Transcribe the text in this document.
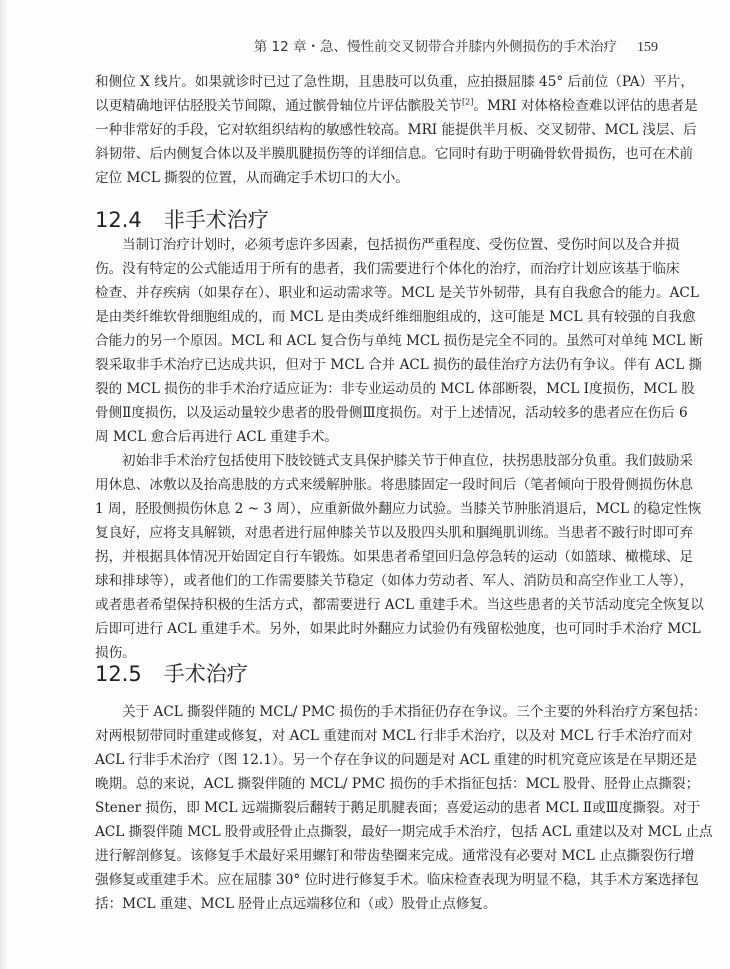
第 12 章・急、慢性前交叉韧带合并膝内外侧损伤的手术治疗 159
和侧位 X 线片。如果就诊时已过了急性期，且患肢可以负重，应拍摄屈膝 45° 后前位（PA）平片，
以更精确地评估胫股关节间隙，通过髌骨轴位片评估髌股关节[2]。MRI 对体格检查难以评估的患者是
一种非常好的手段，它对软组织结构的敏感性较高。MRI 能提供半月板、交叉韧带、MCL 浅层、后
斜韧带、后内侧复合体以及半膜肌腱损伤等的详细信息。它同时有助于明确骨软骨损伤，也可在术前
定位 MCL 撕裂的位置，从而确定手术切口的大小。
12.4 非手术治疗
当制订治疗计划时，必须考虑许多因素，包括损伤严重程度、受伤位置、受伤时间以及合并损
伤。没有特定的公式能适用于所有的患者，我们需要进行个体化的治疗，而治疗计划应该基于临床
检查、并存疾病（如果存在）、职业和运动需求等。MCL 是关节外韧带，具有自我愈合的能力。ACL
是由类纤维软骨细胞组成的，而 MCL 是由类成纤维细胞组成的，这可能是 MCL 具有较强的自我愈
合能力的另一个原因。MCL 和 ACL 复合伤与单纯 MCL 损伤是完全不同的。虽然可对单纯 MCL 断
裂采取非手术治疗已达成共识，但对于 MCL 合并 ACL 损伤的最佳治疗方法仍有争议。伴有 ACL 撕
裂的 MCL 损伤的非手术治疗适应证为：非专业运动员的 MCL 体部断裂，MCL Ⅰ度损伤，MCL 股
骨侧Ⅱ度损伤，以及运动量较少患者的股骨侧Ⅲ度损伤。对于上述情况，活动较多的患者应在伤后 6
周 MCL 愈合后再进行 ACL 重建手术。
初始非手术治疗包括使用下肢铰链式支具保护膝关节于伸直位，扶拐患肢部分负重。我们鼓励采
用休息、冰敷以及抬高患肢的方式来缓解肿胀。将患膝固定一段时间后（笔者倾向于股骨侧损伤休息
1 周，胫股侧损伤休息 2 ~ 3 周），应重新做外翻应力试验。当膝关节肿胀消退后，MCL 的稳定性恢
复良好，应将支具解锁，对患者进行屈伸膝关节以及股四头肌和腘绳肌训练。当患者不跛行时即可弃
拐，并根据具体情况开始固定自行车锻炼。如果患者希望回归急停急转的运动（如篮球、橄榄球、足
球和排球等），或者他们的工作需要膝关节稳定（如体力劳动者、军人、消防员和高空作业工人等），
或者患者希望保持积极的生活方式，都需要进行 ACL 重建手术。当这些患者的关节活动度完全恢复以
后即可进行 ACL 重建手术。另外，如果此时外翻应力试验仍有残留松弛度，也可同时手术治疗 MCL
损伤。
12.5 手术治疗
关于 ACL 撕裂伴随的 MCL/ PMC 损伤的手术指征仍存在争议。三个主要的外科治疗方案包括：
对两根韧带同时重建或修复，对 ACL 重建而对 MCL 行非手术治疗，以及对 MCL 行手术治疗而对
ACL 行非手术治疗（图 12.1）。另一个存在争议的问题是对 ACL 重建的时机究竟应该是在早期还是
晚期。总的来说，ACL 撕裂伴随的 MCL/ PMC 损伤的手术指征包括：MCL 股骨、胫骨止点撕裂；
Stener 损伤，即 MCL 远端撕裂后翻转于鹅足肌腱表面；喜爱运动的患者 MCL Ⅱ或Ⅲ度撕裂。对于
ACL 撕裂伴随 MCL 股骨或胫骨止点撕裂，最好一期完成手术治疗，包括 ACL 重建以及对 MCL 止点
进行解剖修复。该修复手术最好采用螺钉和带齿垫圈来完成。通常没有必要对 MCL 止点撕裂伤行增
强修复或重建手术。应在屈膝 30° 位时进行修复手术。临床检查表现为明显不稳，其手术方案选择包
括：MCL 重建、MCL 胫骨止点远端移位和（或）股骨止点修复。
